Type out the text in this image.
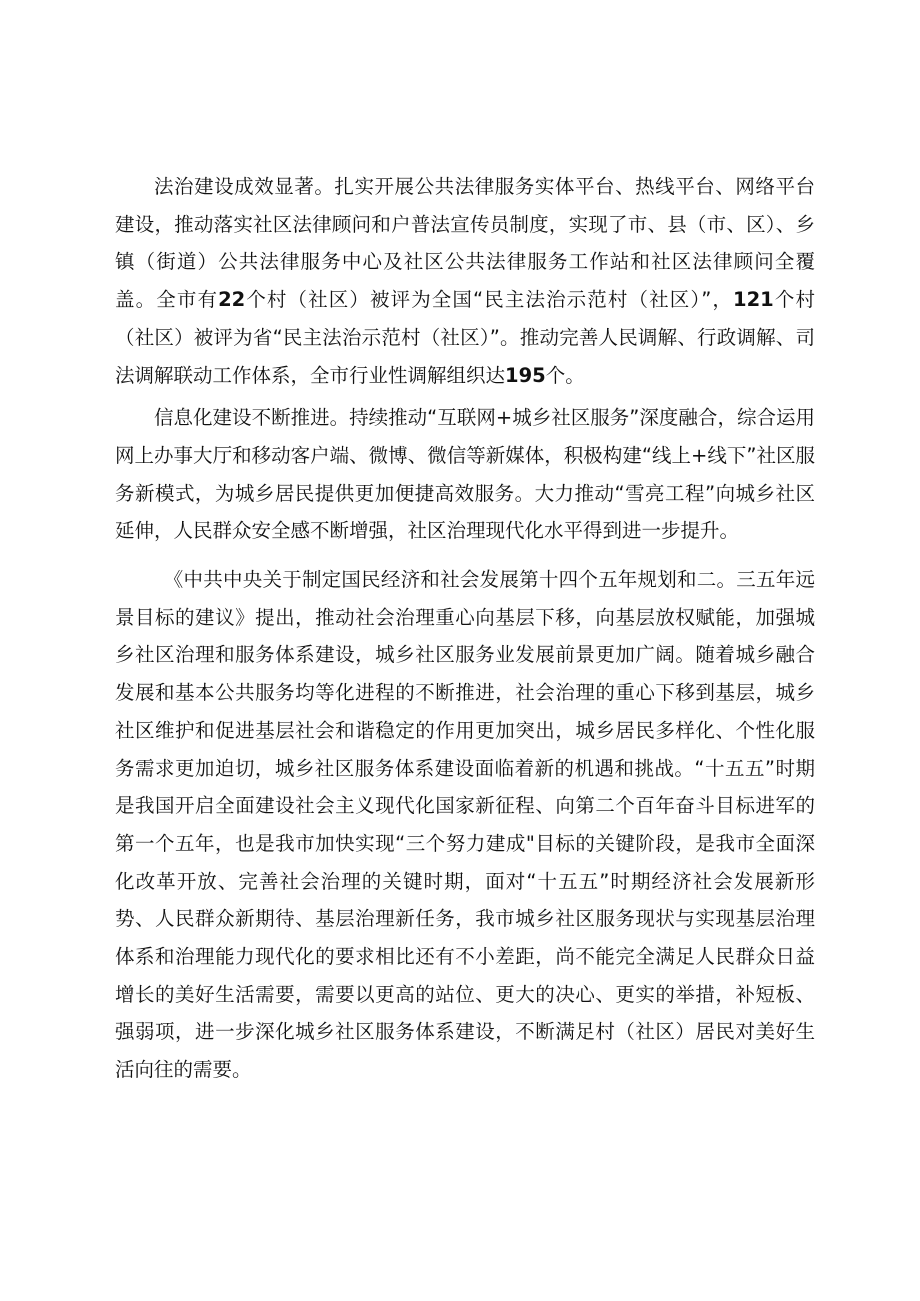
法治建设成效显著。扎实开展公共法律服务实体平台、热线平台、网络平台建设，推动落实社区法律顾问和户普法宣传员制度，实现了市、县（市、区）、乡镇（街道）公共法律服务中心及社区公共法律服务工作站和社区法律顾问全覆盖。全市有22个村（社区）被评为全国“民主法治示范村（社区）”，121个村（社区）被评为省“民主法治示范村（社区）”。推动完善人民调解、行政调解、司法调解联动工作体系，全市行业性调解组织达195个。

信息化建设不断推进。持续推动“互联网+城乡社区服务”深度融合，综合运用网上办事大厅和移动客户端、微博、微信等新媒体，积极构建“线上+线下”社区服务新模式，为城乡居民提供更加便捷高效服务。大力推动“雪亮工程”向城乡社区延伸，人民群众安全感不断增强，社区治理现代化水平得到进一步提升。

《中共中央关于制定国民经济和社会发展第十四个五年规划和二。三五年远景目标的建议》提出，推动社会治理重心向基层下移，向基层放权赋能，加强城乡社区治理和服务体系建设，城乡社区服务业发展前景更加广阔。随着城乡融合发展和基本公共服务均等化进程的不断推进，社会治理的重心下移到基层，城乡社区维护和促进基层社会和谐稳定的作用更加突出，城乡居民多样化、个性化服务需求更加迫切，城乡社区服务体系建设面临着新的机遇和挑战。“十五五”时期是我国开启全面建设社会主义现代化国家新征程、向第二个百年奋斗目标进军的第一个五年，也是我市加快实现“三个努力建成"目标的关键阶段，是我市全面深化改革开放、完善社会治理的关键时期，面对“十五五”时期经济社会发展新形势、人民群众新期待、基层治理新任务，我市城乡社区服务现状与实现基层治理体系和治理能力现代化的要求相比还有不小差距，尚不能完全满足人民群众日益增长的美好生活需要，需要以更高的站位、更大的决心、更实的举措，补短板、强弱项，进一步深化城乡社区服务体系建设，不断满足村（社区）居民对美好生活向往的需要。
